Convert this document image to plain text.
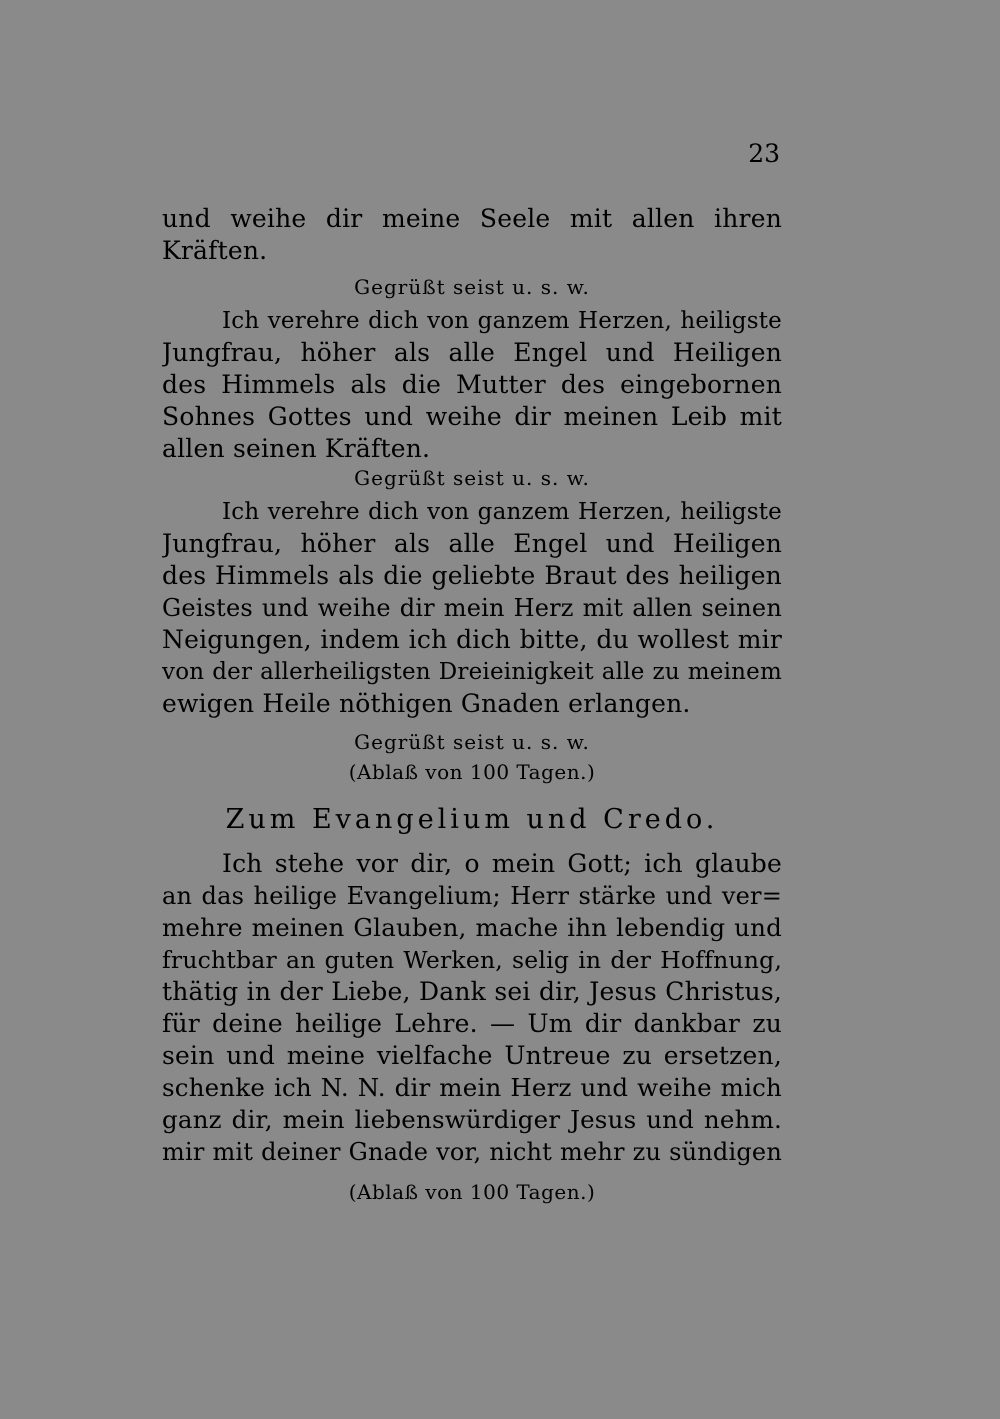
23
und weihe dir meine Seele mit allen ihren
Kräften.
Gegrüßt seist u. s. w.
Ich verehre dich von ganzem Herzen, heiligste
Jungfrau, höher als alle Engel und Heiligen
des Himmels als die Mutter des eingebornen
Sohnes Gottes und weihe dir meinen Leib mit
allen seinen Kräften.
Gegrüßt seist u. s. w.
Ich verehre dich von ganzem Herzen, heiligste
Jungfrau, höher als alle Engel und Heiligen
des Himmels als die geliebte Braut des heiligen
Geistes und weihe dir mein Herz mit allen seinen
Neigungen, indem ich dich bitte, du wollest mir
von der allerheiligsten Dreieinigkeit alle zu meinem
ewigen Heile nöthigen Gnaden erlangen.
Gegrüßt seist u. s. w.
(Ablaß von 100 Tagen.)
Zum Evangelium und Credo.
Ich stehe vor dir, o mein Gott; ich glaube
an das heilige Evangelium; Herr stärke und ver=
mehre meinen Glauben, mache ihn lebendig und
fruchtbar an guten Werken, selig in der Hoffnung,
thätig in der Liebe, Dank sei dir, Jesus Christus,
für deine heilige Lehre. — Um dir dankbar zu
sein und meine vielfache Untreue zu ersetzen,
schenke ich N. N. dir mein Herz und weihe mich
ganz dir, mein liebenswürdiger Jesus und nehm.
mir mit deiner Gnade vor, nicht mehr zu sündigen
(Ablaß von 100 Tagen.)
